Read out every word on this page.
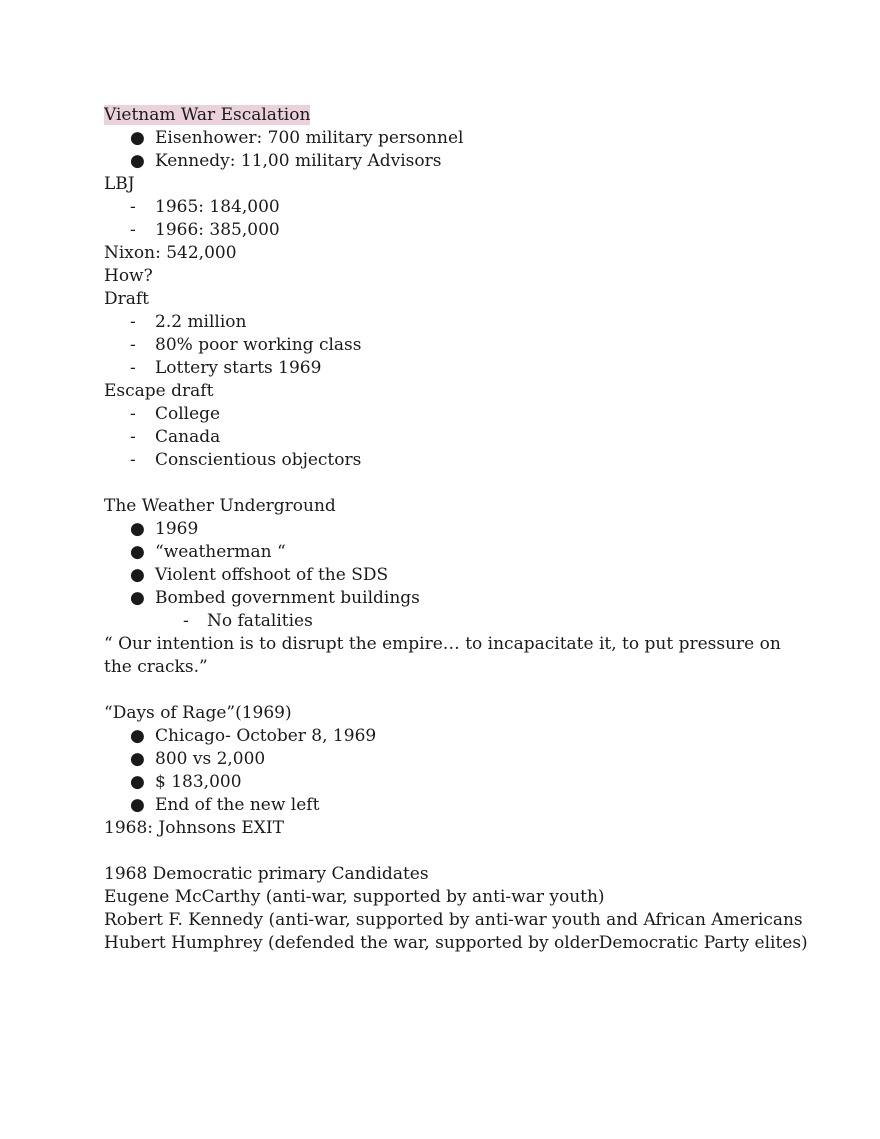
Vietnam War Escalation
● Eisenhower: 700 military personnel
● Kennedy: 11,00 military Advisors
LBJ
-	1965: 184,000
-	1966: 385,000
Nixon: 542,000
How?
Draft
-	2.2 million
-	80% poor working class
-	Lottery starts 1969
Escape draft
-	College
-	Canada
-	Conscientious objectors
The Weather Underground
● 1969
● “weatherman “
● Violent offshoot of the SDS
● Bombed government buildings
-	No fatalities
“ Our intention is to disrupt the empire… to incapacitate it, to put pressure on the cracks.”
“Days of Rage”(1969)
● Chicago- October 8, 1969
● 800 vs 2,000
● $ 183,000
● End of the new left
1968: Johnsons EXIT
1968 Democratic primary Candidates
Eugene McCarthy (anti-war, supported by anti-war youth)
Robert F. Kennedy (anti-war, supported by anti-war youth and African Americans
Hubert Humphrey (defended the war, supported by olderDemocratic Party elites)
